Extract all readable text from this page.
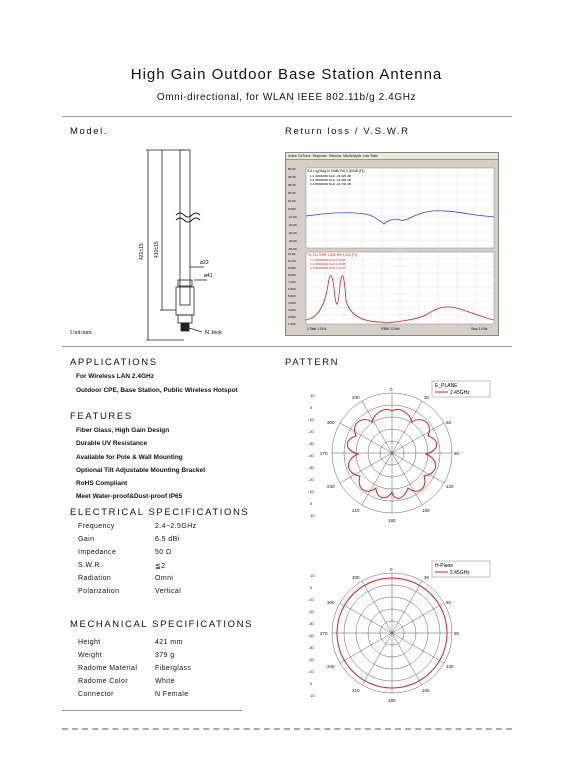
High Gain Outdoor Base Station Antenna
Omni-directional, for WLAN IEEE 802.11b/g 2.4GHz
Model.
421±15 410±15
ø22
ø41
N Jeck
Unit:mm
Return loss / V.S.W.R
Active Ch/Trace Response Stimulus Mkr/Analysis Instr State
S11 Log Mag 10.00dB/ Ref 0.000dB [F1]
1 2.40000000 GHz -23.025 dB
2 2.45000000 GHz -23.068 dB
3 2.50000000 GHz -24.746 dB
50.00
40.00
30.00
20.00
10.00
0.000
-10.00
-20.00
-30.00
-40.00
-50.00
Tr2 S11 SWR 1.000/ Ref 1.000 [F1]
1 2.40000000 GHz 1.1522
2 2.45000000 GHz 1.1508
3 2.50000000 GHz 1.1417
11.00
10.00
9.000
8.000
7.000
6.000
5.000
4.000
3.000
2.000
1.000
1 Start 1 GHz	IFBW 70 kHz	Stop 3 GHz
APPLICATIONS
For Wireless LAN 2.4GHz
Outdoor CPE, Base Station, Public Wireless Hotspot
FEATURES
Fiber Glass, High Gain Design
Durable UV Resistance
Available for Pole & Wall Mounting
Optional Tilt Adjustable Mounting Bracket
RoHS Compliant
Meet Water-proof&Dust-proof IP65
ELECTRICAL SPECIFICATIONS
Frequency	2.4~2.5GHz
Gain	6.5 dBi
Impedance	50 Ω
S.W.R.	≦2
Radiation	Omni
Polarization	Vertical
MECHANICAL SPECIFICATIONS
Height	421 mm
Weight	379 g
Radome Material	Fiberglass
Radome Color	White
Connector	N Female
PATTERN
E_PLANE
2.45GHz
0
30
60
90
120
150
180
210
240
270
300
330
10
0
-10
-20
-30
-40
-30
-20
-10
0
10
H-Plane
2.45GHz
0
30
60
90
120
150
180
210
240
270
300
330
10
0
-10
-20
-30
-40
-30
-20
-10
0
10
